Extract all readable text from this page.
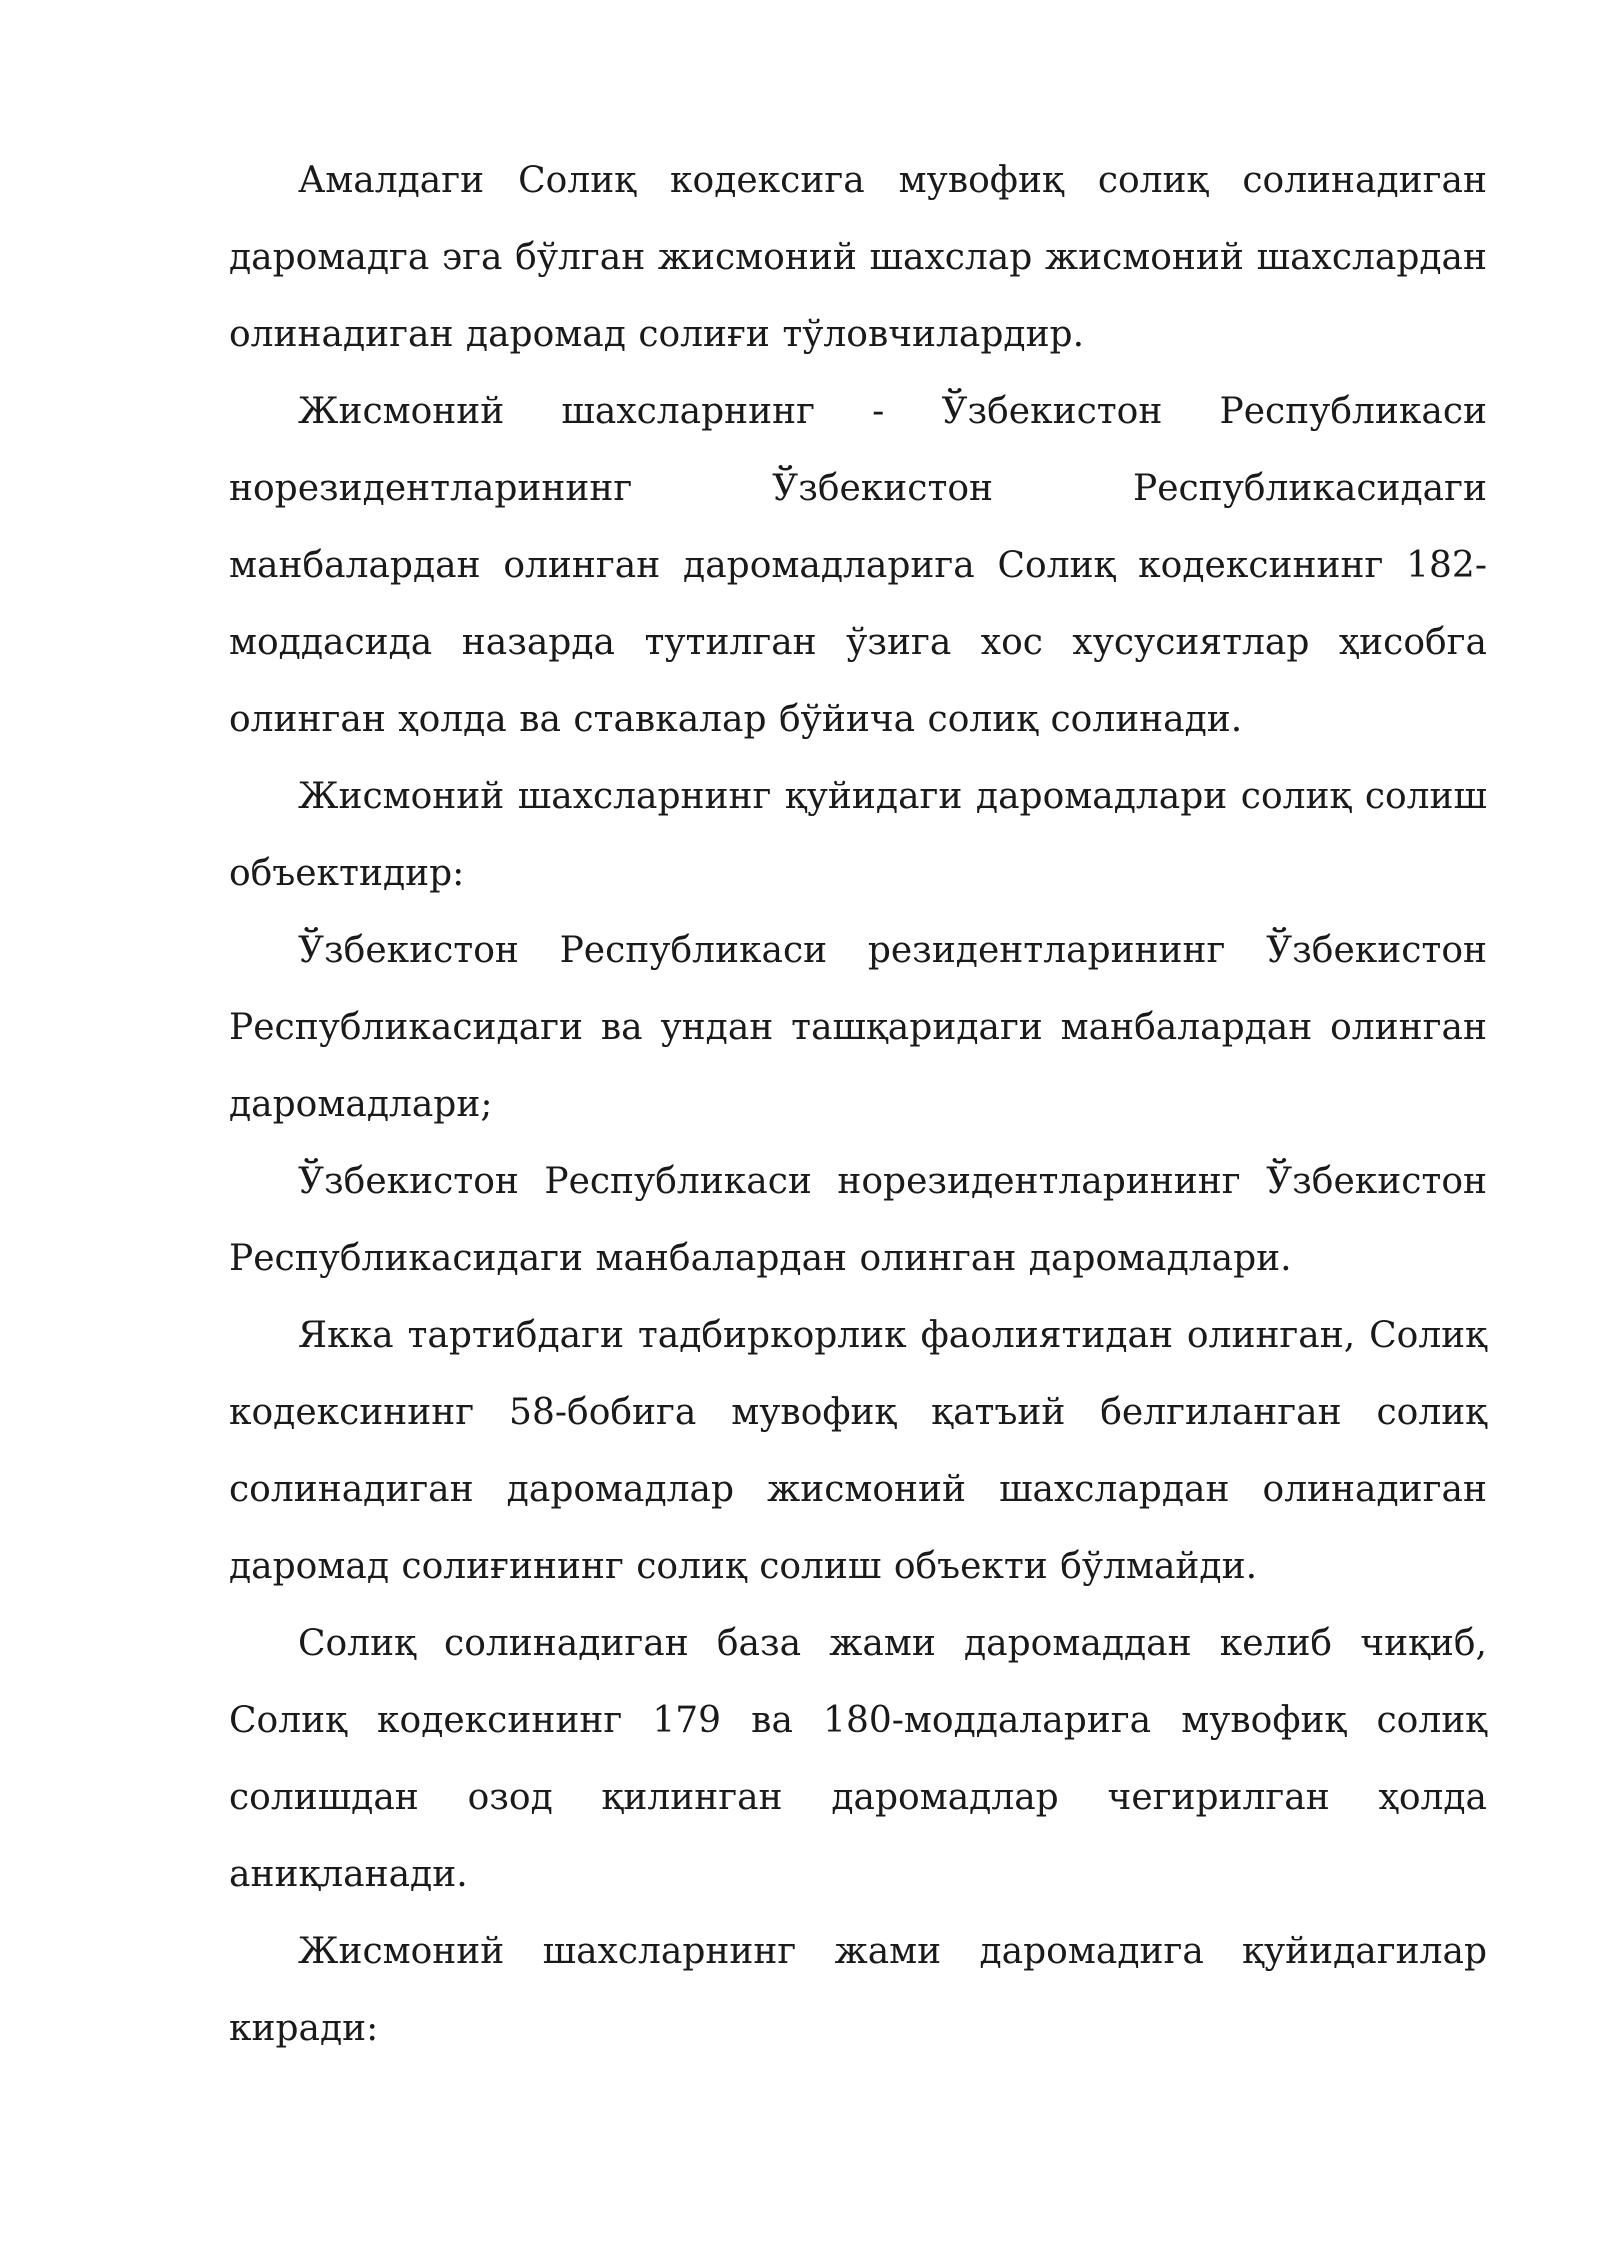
Амалдаги Солиқ кодексига мувофиқ солиқ солинадиган даромадга эга бўлган жисмоний шахслар жисмоний шахслардан олинадиган даромад солиғи тўловчилардир.

Жисмоний шахсларнинг - Ўзбекистон Республикаси норезидентларининг Ўзбекистон Республикасидаги манбалардан олинган даромадларига Солиқ кодексининг 182-моддасида назарда тутилган ўзига хос хусусиятлар ҳисобга олинган ҳолда ва ставкалар бўйича солиқ солинади.

Жисмоний шахсларнинг қуйидаги даромадлари солиқ солиш объектидир:

Ўзбекистон Республикаси резидентларининг Ўзбекистон Республикасидаги ва ундан ташқаридаги манбалардан олинган даромадлари;

Ўзбекистон Республикаси норезидентларининг Ўзбекистон Республикасидаги манбалардан олинган даромадлари.

Якка тартибдаги тадбиркорлик фаолиятидан олинган, Солиқ кодексининг 58-бобига мувофиқ қатъий белгиланган солиқ солинадиган даромадлар жисмоний шахслардан олинадиган даромад солиғининг солиқ солиш объекти бўлмайди.

Солиқ солинадиган база жами даромаддан келиб чиқиб, Солиқ кодексининг 179 ва 180-моддаларига мувофиқ солиқ солишдан озод қилинган даромадлар чегирилган ҳолда аниқланади.

Жисмоний шахсларнинг жами даромадига қуйидагилар киради:
